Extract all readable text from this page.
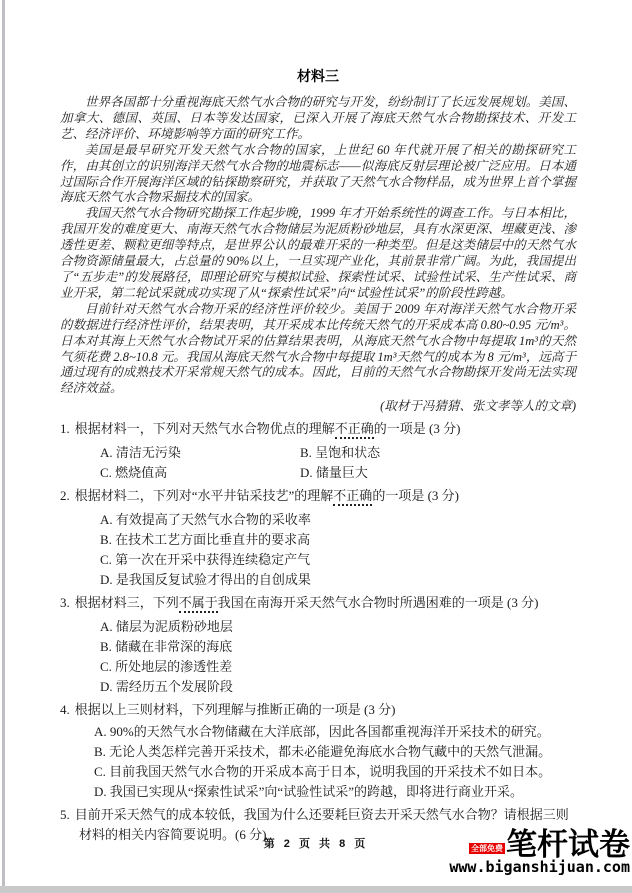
材料三

世界各国都十分重视海底天然气水合物的研究与开发，纷纷制订了长远发展规划。美国、加拿大、德国、英国、日本等发达国家，已深入开展了海底天然气水合物勘探技术、开发工艺、经济评价、环境影响等方面的研究工作。

美国是最早研究开发天然气水合物的国家，上世纪 60 年代就开展了相关的勘探研究工作，由其创立的识别海洋天然气水合物的地震标志——似海底反射层理论被广泛应用。日本通过国际合作开展海洋区域的钻探勘察研究，并获取了天然气水合物样品，成为世界上首个掌握海底天然气水合物采掘技术的国家。

我国天然气水合物研究勘探工作起步晚，1999 年才开始系统性的调查工作。与日本相比，我国开发的难度更大、南海天然气水合物储层为泥质粉砂地层，具有水深更深、埋藏更浅、渗透性更差、颗粒更细等特点，是世界公认的最难开采的一种类型。但是这类储层中的天然气水合物资源储量最大，占总量的 90%以上，一旦实现产业化，其前景非常广阔。为此，我国提出了“五步走”的发展路径，即理论研究与模拟试验、探索性试采、试验性试采、生产性试采、商业开采，第二轮试采就成功实现了从“探索性试采”向“试验性试采”的阶段性跨越。

目前针对天然气水合物开采的经济性评价较少。美国于 2009 年对海洋天然气水合物开采的数据进行经济性评价，结果表明，其开采成本比传统天然气的开采成本高 0.80~0.95 元/m³。日本对其海上天然气水合物试开采的估算结果表明，从海底天然气水合物中每提取 1m³的天然气须花费 2.8~10.8 元。我国从海底天然气水合物中每提取 1m³天然气的成本为 8 元/m³，远高于通过现有的成熟技术开采常规天然气的成本。因此，目前的天然气水合物勘探开发尚无法实现经济效益。

(取材于冯猜猜、张文孝等人的文章)
1. 根据材料一，下列对天然气水合物优点的理解不正确的一项是 (3 分)
A. 清洁无污染	B. 呈饱和状态
C. 燃烧值高	D. 储量巨大
2. 根据材料二，下列对“水平井钻采技艺”的理解不正确的一项是 (3 分)
A. 有效提高了天然气水合物的采收率
B. 在技术工艺方面比垂直井的要求高
C. 第一次在开采中获得连续稳定产气
D. 是我国反复试验才得出的自创成果
3. 根据材料三，下列不属于我国在南海开采天然气水合物时所遇困难的一项是 (3 分)
A. 储层为泥质粉砂地层
B. 储藏在非常深的海底
C. 所处地层的渗透性差
D. 需经历五个发展阶段
4. 根据以上三则材料，下列理解与推断正确的一项是 (3 分)
A. 90%的天然气水合物储藏在大洋底部，因此各国都重视海洋开采技术的研究。
B. 无论人类怎样完善开采技术，都未必能避免海底水合物气藏中的天然气泄漏。
C. 目前我国天然气水合物的开采成本高于日本，说明我国的开采技术不如日本。
D. 我国已实现从“探索性试采”向“试验性试采”的跨越，即将进行商业开采。
5. 目前开采天然气的成本较低，我国为什么还要耗巨资去开采天然气水合物？请根据三则材料的相关内容简要说明。(6 分)
第 2 页 共 8 页	全部免费 笔杆试卷
www.biganshijuan.com
